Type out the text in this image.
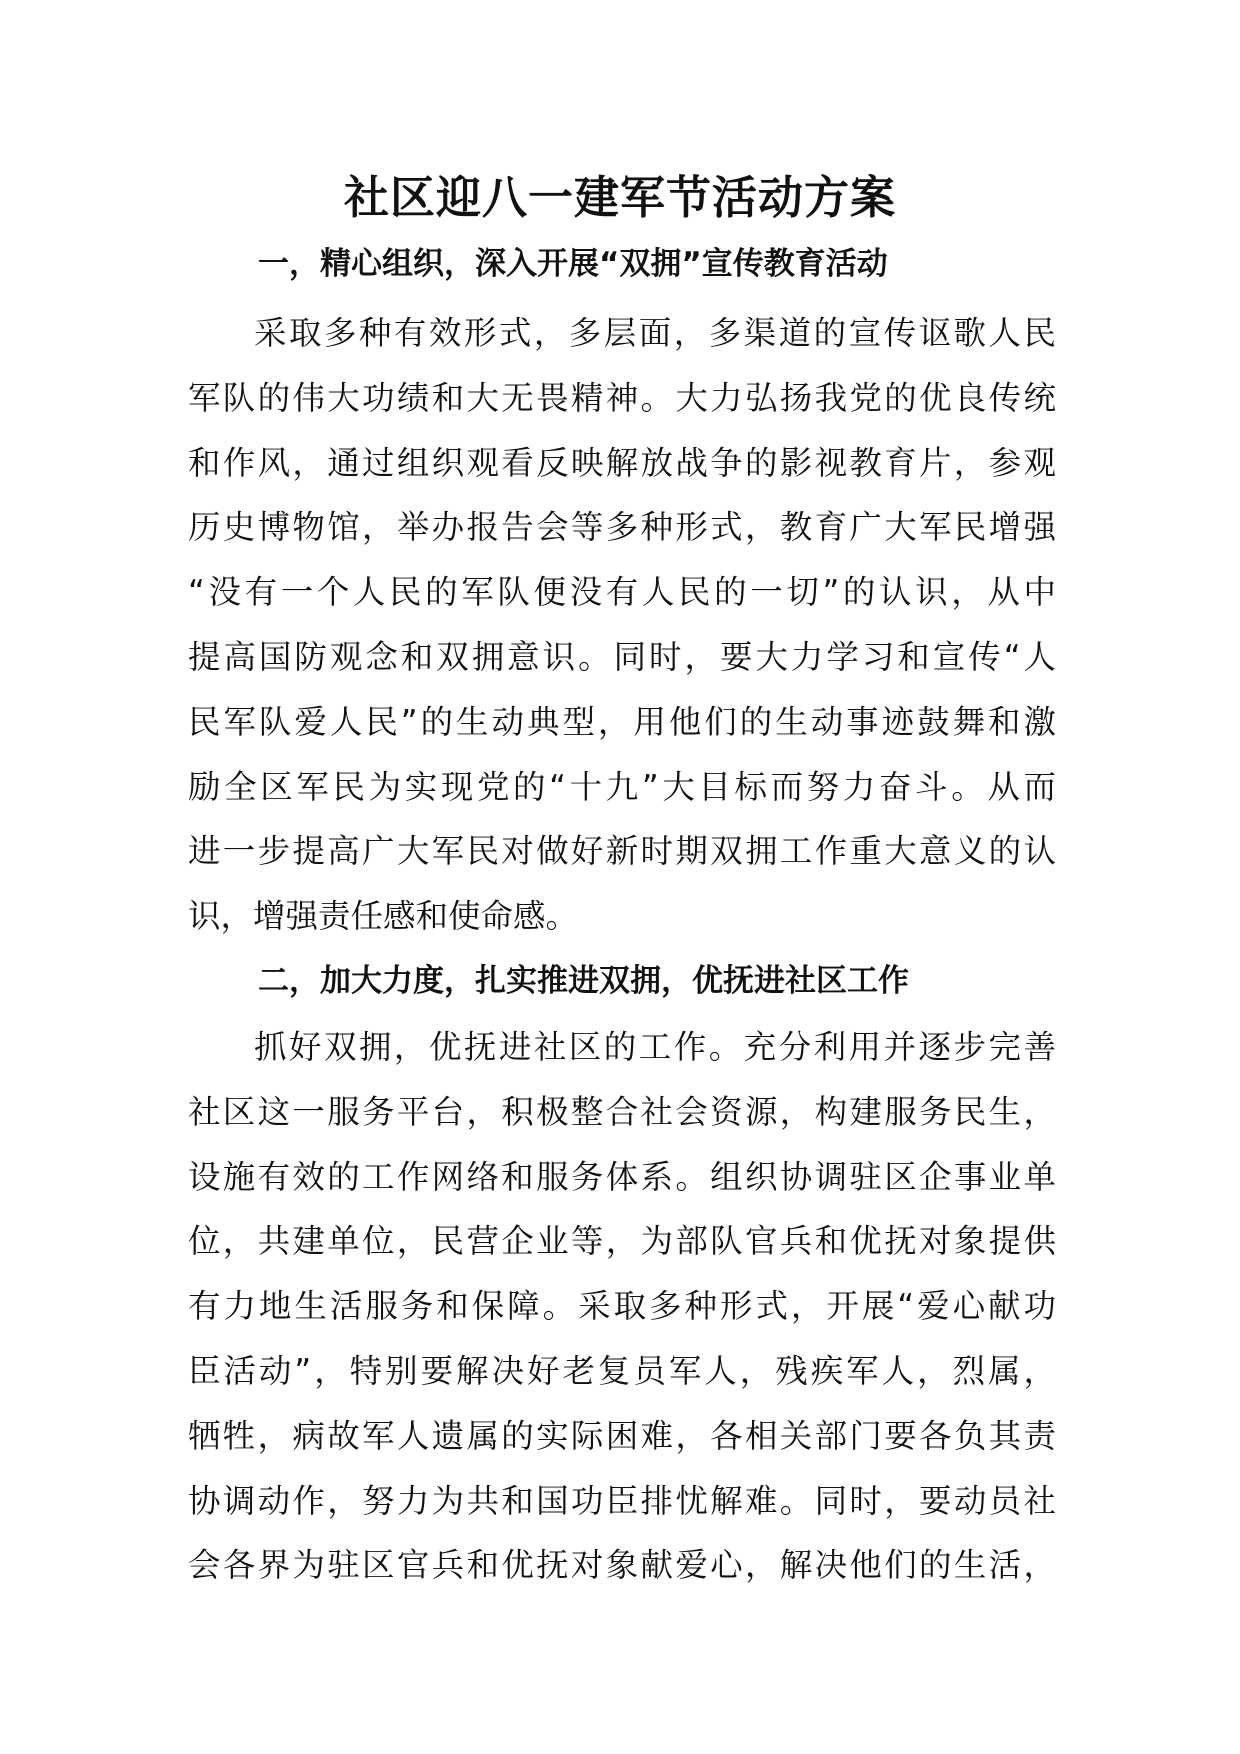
社区迎八一建军节活动方案
一，精心组织，深入开展“双拥”宣传教育活动
采取多种有效形式，多层面，多渠道的宣传讴歌人民
军队的伟大功绩和大无畏精神。大力弘扬我党的优良传统
和作风，通过组织观看反映解放战争的影视教育片，参观
历史博物馆，举办报告会等多种形式，教育广大军民增强
“没有一个人民的军队便没有人民的一切”的认识，从中
提高国防观念和双拥意识。同时，要大力学习和宣传“人
民军队爱人民”的生动典型，用他们的生动事迹鼓舞和激
励全区军民为实现党的“十九”大目标而努力奋斗。从而
进一步提高广大军民对做好新时期双拥工作重大意义的认
识，增强责任感和使命感。
二，加大力度，扎实推进双拥，优抚进社区工作
抓好双拥，优抚进社区的工作。充分利用并逐步完善
社区这一服务平台，积极整合社会资源，构建服务民生，
设施有效的工作网络和服务体系。组织协调驻区企事业单
位，共建单位，民营企业等，为部队官兵和优抚对象提供
有力地生活服务和保障。采取多种形式，开展“爱心献功
臣活动”，特别要解决好老复员军人，残疾军人，烈属，
牺牲，病故军人遗属的实际困难，各相关部门要各负其责
协调动作，努力为共和国功臣排忧解难。同时，要动员社
会各界为驻区官兵和优抚对象献爱心，解决他们的生活，
